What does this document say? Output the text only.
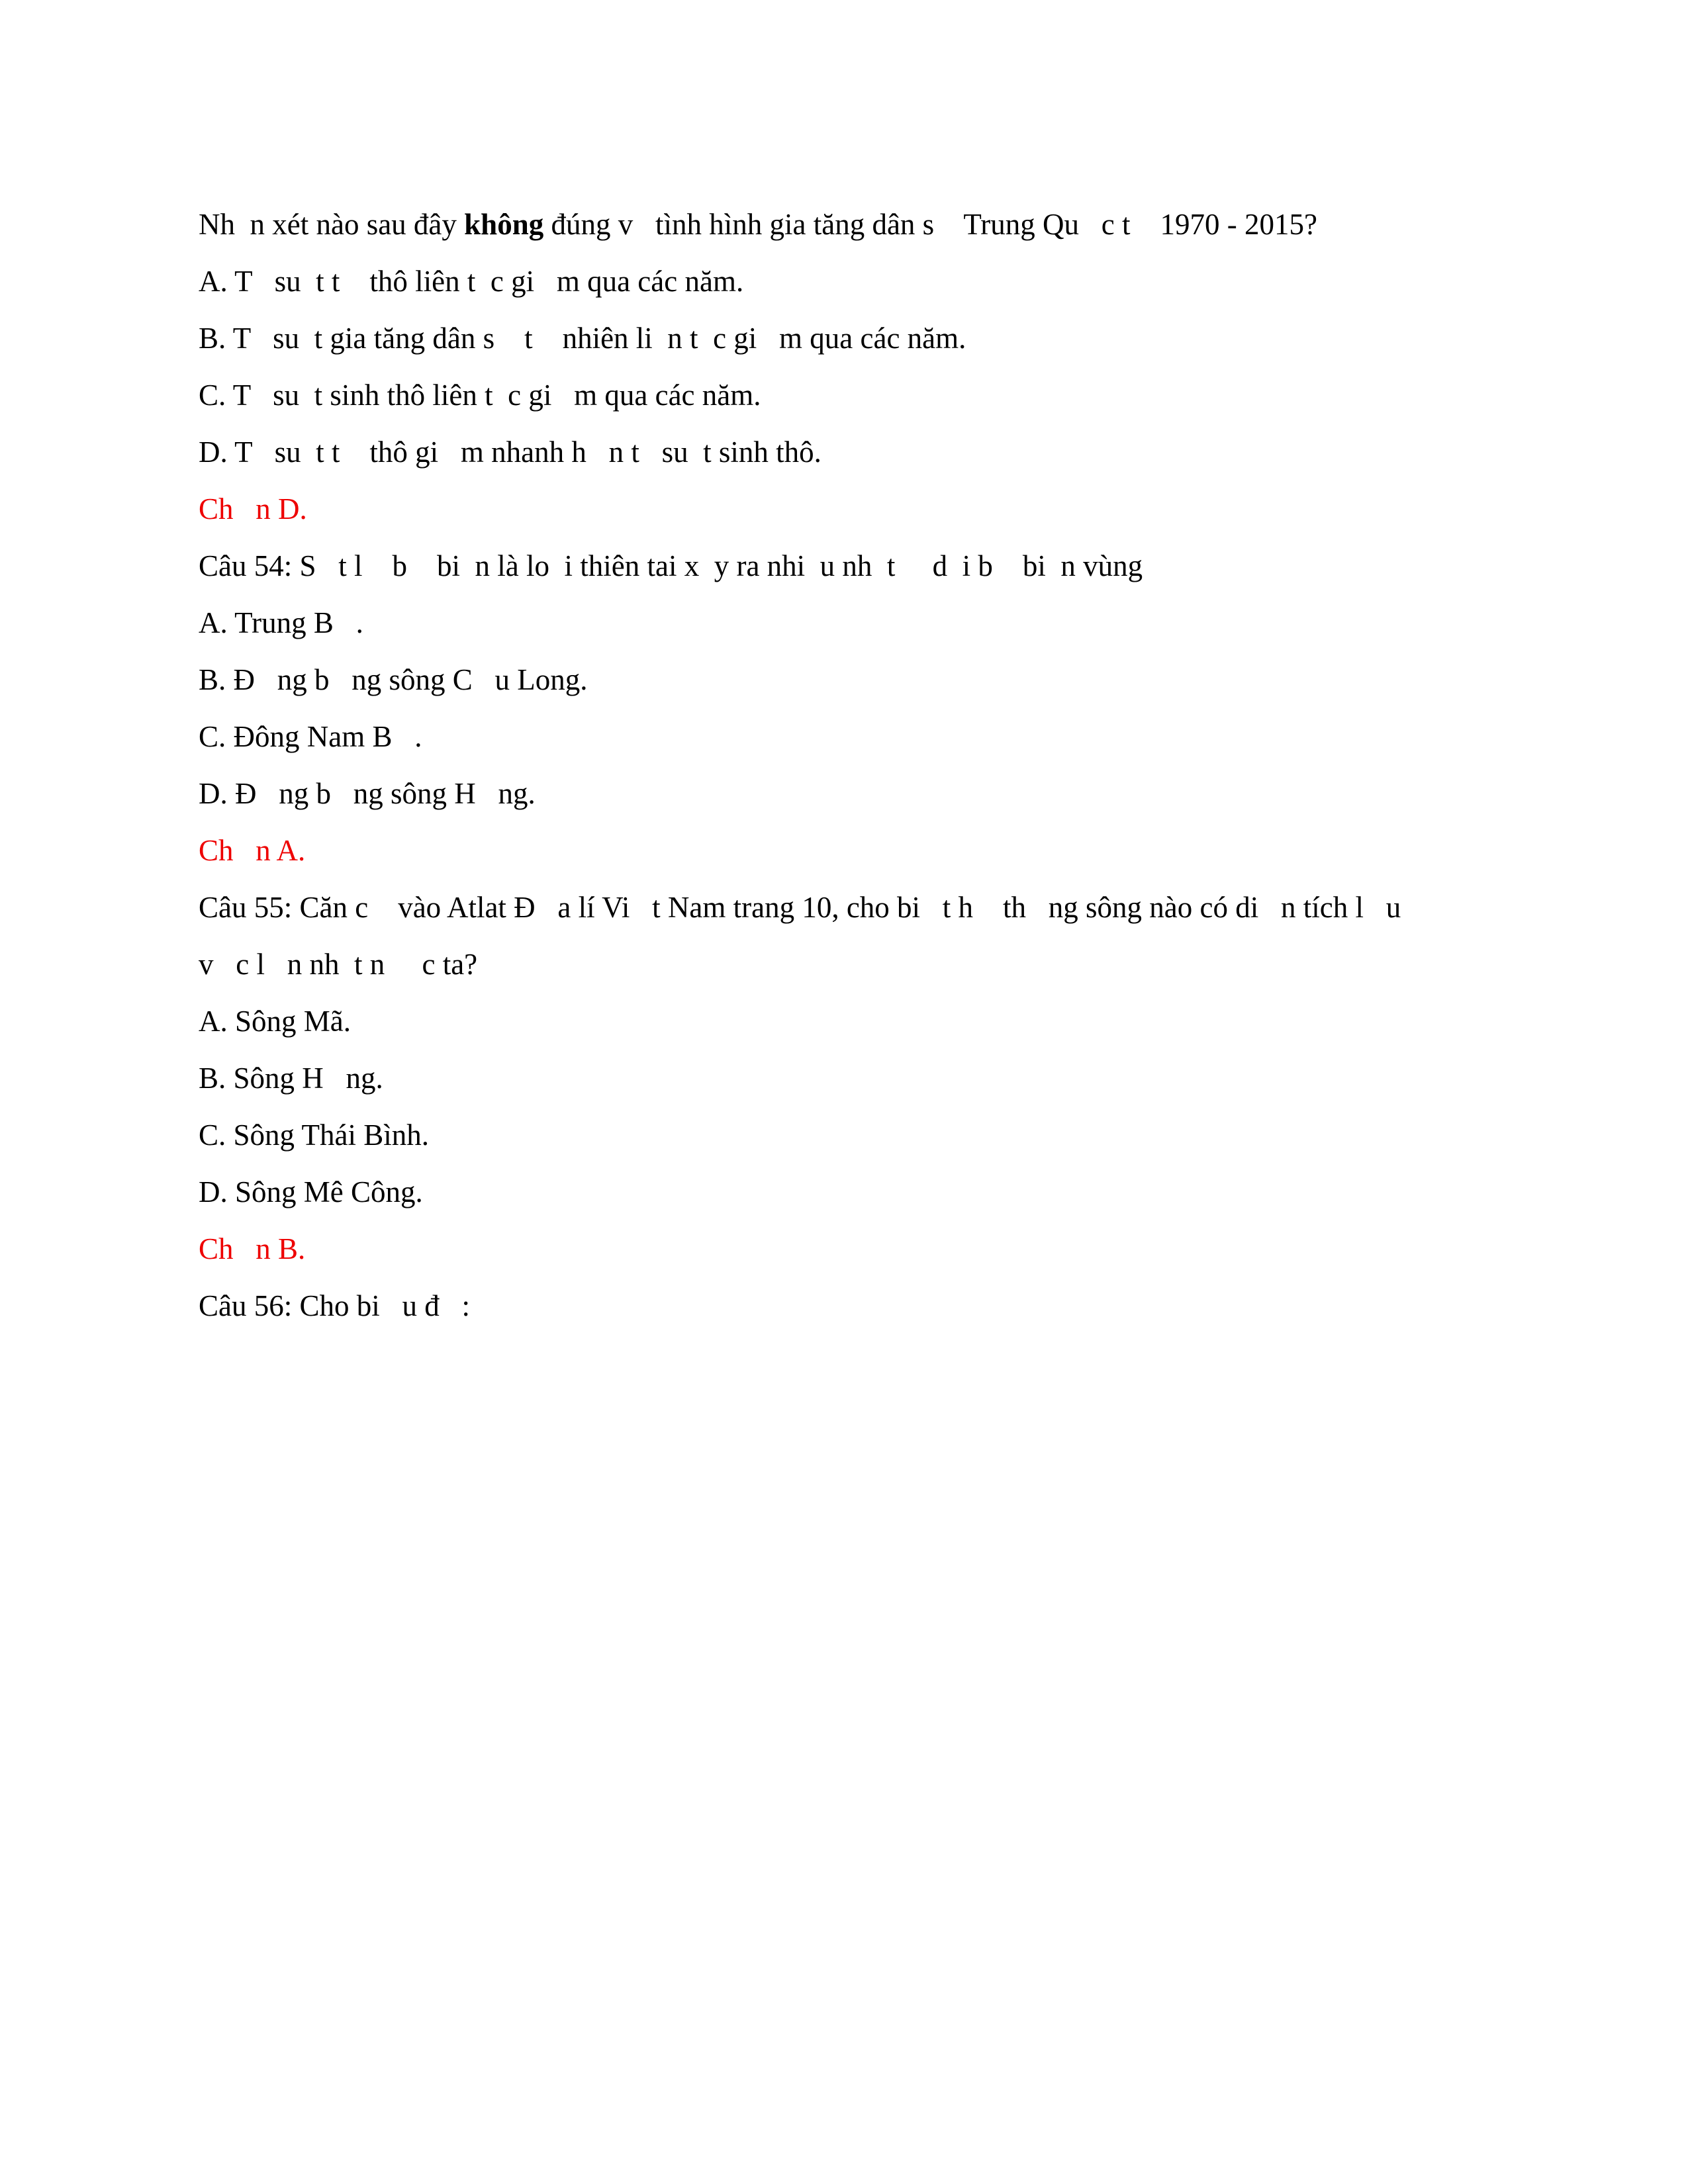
Nh  n xét nào sau đây không đúng v   tình hình gia tăng dân s    Trung Qu   c t    1970 - 2015?

A. T   su  t t    thô liên t  c gi   m qua các năm.

B. T   su  t gia tăng dân s    t    nhiên li  n t  c gi   m qua các năm.

C. T   su  t sinh thô liên t  c gi   m qua các năm.

D. T   su  t t    thô gi   m nhanh h   n t   su  t sinh thô.

Ch   n D.

Câu 54: S   t l    b    bi  n là lo  i thiên tai x  y ra nhi  u nh  t     d  i b    bi  n vùng

A. Trung B   .

B. Đ   ng b   ng sông C   u Long.

C. Đông Nam B   .

D. Đ   ng b   ng sông H   ng.

Ch   n A.

Câu 55: Căn c    vào Atlat Đ   a lí Vi   t Nam trang 10, cho bi   t h    th   ng sông nào có di   n tích l   u

v   c l   n nh  t n     c ta?

A. Sông Mã.

B. Sông H   ng.

C. Sông Thái Bình.

D. Sông Mê Công.

Ch   n B.

Câu 56: Cho bi   u đ   :
